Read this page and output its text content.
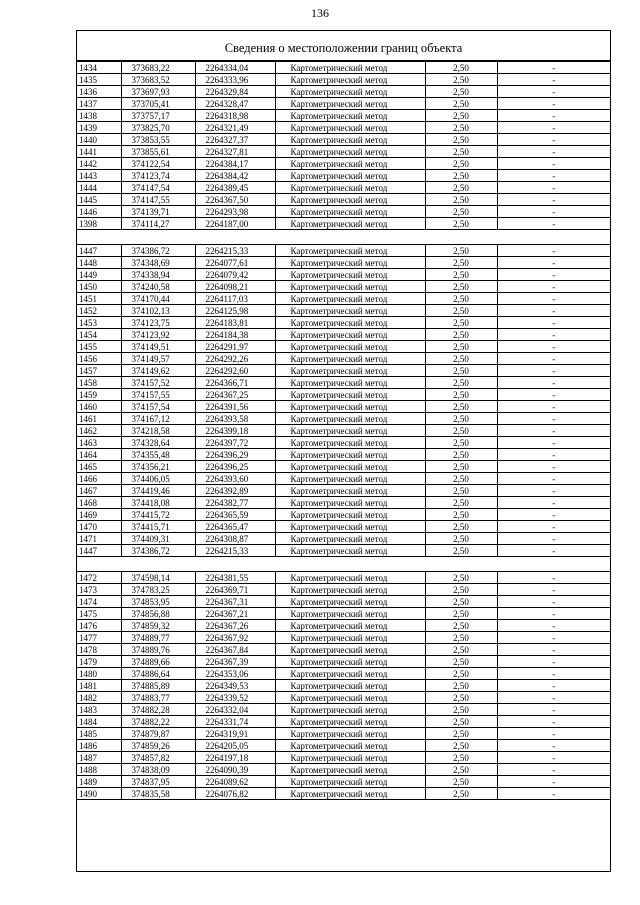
136
Сведения о местоположении границ объекта
1434	373683,22	2264334,04	Картометрический метод	2,50	-
1435	373683,52	2264333,96	Картометрический метод	2,50	-
1436	373697,93	2264329,84	Картометрический метод	2,50	-
1437	373705,41	2264328,47	Картометрический метод	2,50	-
1438	373757,17	2264318,98	Картометрический метод	2,50	-
1439	373825,70	2264321,49	Картометрический метод	2,50	-
1440	373853,55	2264327,37	Картометрический метод	2,50	-
1441	373855,61	2264327,81	Картометрический метод	2,50	-
1442	374122,54	2264384,17	Картометрический метод	2,50	-
1443	374123,74	2264384,42	Картометрический метод	2,50	-
1444	374147,54	2264389,45	Картометрический метод	2,50	-
1445	374147,55	2264367,50	Картометрический метод	2,50	-
1446	374139,71	2264293,98	Картометрический метод	2,50	-
1398	374114,27	2264187,00	Картометрический метод	2,50	-

1447	374386,72	2264215,33	Картометрический метод	2,50	-
1448	374348,69	2264077,61	Картометрический метод	2,50	-
1449	374338,94	2264079,42	Картометрический метод	2,50	-
1450	374240,58	2264098,21	Картометрический метод	2,50	-
1451	374170,44	2264117,03	Картометрический метод	2,50	-
1452	374102,13	2264125,98	Картометрический метод	2,50	-
1453	374123,75	2264183,81	Картометрический метод	2,50	-
1454	374123,92	2264184,38	Картометрический метод	2,50	-
1455	374149,51	2264291,97	Картометрический метод	2,50	-
1456	374149,57	2264292,26	Картометрический метод	2,50	-
1457	374149,62	2264292,60	Картометрический метод	2,50	-
1458	374157,52	2264366,71	Картометрический метод	2,50	-
1459	374157,55	2264367,25	Картометрический метод	2,50	-
1460	374157,54	2264391,56	Картометрический метод	2,50	-
1461	374167,12	2264393,58	Картометрический метод	2,50	-
1462	374218,58	2264399,18	Картометрический метод	2,50	-
1463	374328,64	2264397,72	Картометрический метод	2,50	-
1464	374355,48	2264396,29	Картометрический метод	2,50	-
1465	374356,21	2264396,25	Картометрический метод	2,50	-
1466	374406,05	2264393,60	Картометрический метод	2,50	-
1467	374419,46	2264392,89	Картометрический метод	2,50	-
1468	374418,08	2264382,77	Картометрический метод	2,50	-
1469	374415,72	2264365,59	Картометрический метод	2,50	-
1470	374415,71	2264365,47	Картометрический метод	2,50	-
1471	374409,31	2264308,87	Картометрический метод	2,50	-
1447	374386,72	2264215,33	Картометрический метод	2,50	-

1472	374598,14	2264381,55	Картометрический метод	2,50	-
1473	374783,25	2264369,71	Картометрический метод	2,50	-
1474	374853,95	2264367,31	Картометрический метод	2,50	-
1475	374856,88	2264367,21	Картометрический метод	2,50	-
1476	374859,32	2264367,26	Картометрический метод	2,50	-
1477	374889,77	2264367,92	Картометрический метод	2,50	-
1478	374889,76	2264367,84	Картометрический метод	2,50	-
1479	374889,66	2264367,39	Картометрический метод	2,50	-
1480	374886,64	2264353,06	Картометрический метод	2,50	-
1481	374885,89	2264349,53	Картометрический метод	2,50	-
1482	374883,77	2264339,52	Картометрический метод	2,50	-
1483	374882,28	2264332,04	Картометрический метод	2,50	-
1484	374882,22	2264331,74	Картометрический метод	2,50	-
1485	374879,87	2264319,91	Картометрический метод	2,50	-
1486	374859,26	2264205,05	Картометрический метод	2,50	-
1487	374857,82	2264197,18	Картометрический метод	2,50	-
1488	374838,09	2264090,39	Картометрический метод	2,50	-
1489	374837,95	2264089,62	Картометрический метод	2,50	-
1490	374835,58	2264076,82	Картометрический метод	2,50	-
